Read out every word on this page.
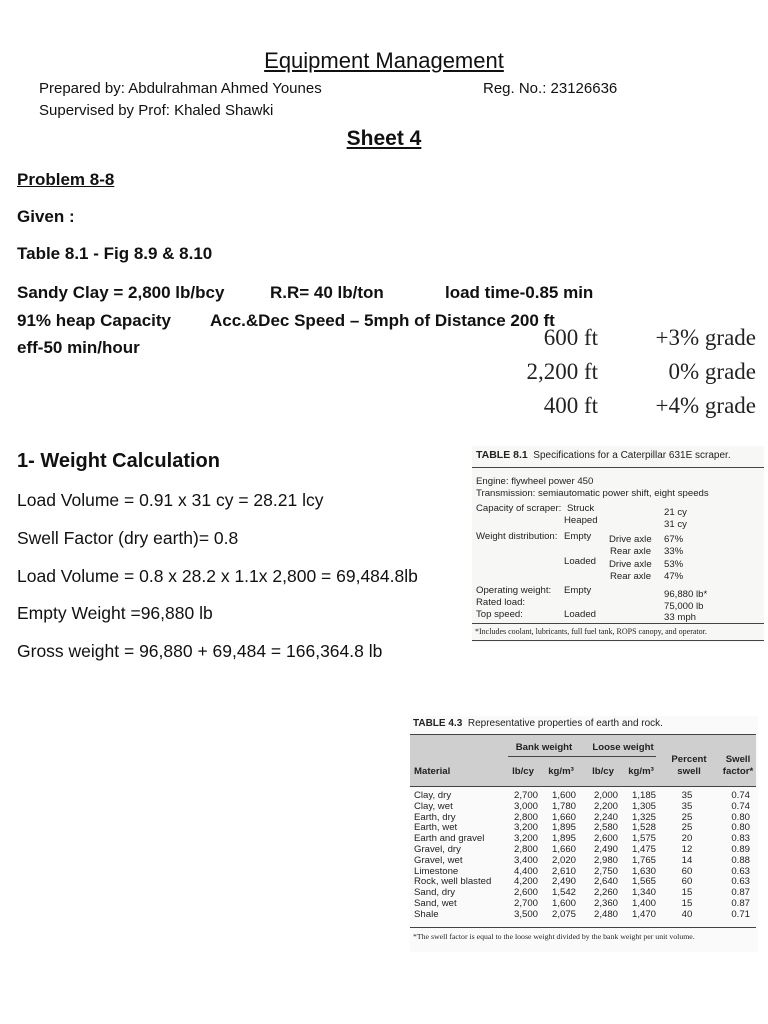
Equipment Management
Prepared by: Abdulrahman Ahmed Younes	Reg. No.: 23126636
Supervised by Prof: Khaled Shawki
Sheet 4
Problem 8-8
Given :
Table 8.1 - Fig 8.9 & 8.10
Sandy Clay = 2,800 lb/bcy	R.R= 40 lb/ton	load time-0.85 min
91% heap Capacity Acc.&Dec Speed – 5mph of Distance 200 ft
eff-50 min/hour	600 ft	+3% grade
2,200 ft	0% grade
400 ft	+4% grade
1- Weight Calculation
Load Volume = 0.91 x 31 cy = 28.21 lcy
Swell Factor (dry earth)= 0.8
Load Volume = 0.8 x 28.2 x 1.1x 2,800 = 69,484.8lb
Empty Weight =96,880 lb
Gross weight = 96,880 + 69,484 = 166,364.8 lb
TABLE 8.1 Specifications for a Caterpillar 631E scraper.
Engine: flywheel power 450
Transmission: semiautomatic power shift, eight speeds
Capacity of scraper: Struck	21 cy
Heaped	31 cy
Weight distribution: Empty Drive axle 67%
Rear axle 33%
Loaded Drive axle 53%
Rear axle 47%
Operating weight: Empty	96,880 lb*
Rated load:	75,000 lb
Top speed:	Loaded	33 mph
*Includes coolant, lubricants, full fuel tank, ROPS canopy, and operator.
TABLE 4.3 Representative properties of earth and rock.
Bank weight	Loose weight
Percent
swell
Swell
factor*
Material	lb/cy	kg/m³	lb/cy	kg/m³
Clay, dry	2,700	1,600	2,000	1,185	35	0.74
Clay, wet	3,000	1,780	2,200	1,305	35	0.74
Earth, dry	2,800	1,660	2,240	1,325	25	0.80
Earth, wet	3,200	1,895	2,580	1,528	25	0.80
Earth and gravel	3,200	1,895	2,600	1,575	20	0.83
Gravel, dry	2,800	1,660	2,490	1,475	12	0.89
Gravel, wet	3,400	2,020	2,980	1,765	14	0.88
Limestone	4,400	2,610	2,750	1,630	60	0.63
Rock, well blasted	4,200	2,490	2,640	1,565	60	0.63
Sand, dry	2,600	1,542	2,260	1,340	15	0.87
Sand, wet	2,700	1,600	2,360	1,400	15	0.87
Shale	3,500	2,075	2,480	1,470	40	0.71
*The swell factor is equal to the loose weight divided by the bank weight per unit volume.
